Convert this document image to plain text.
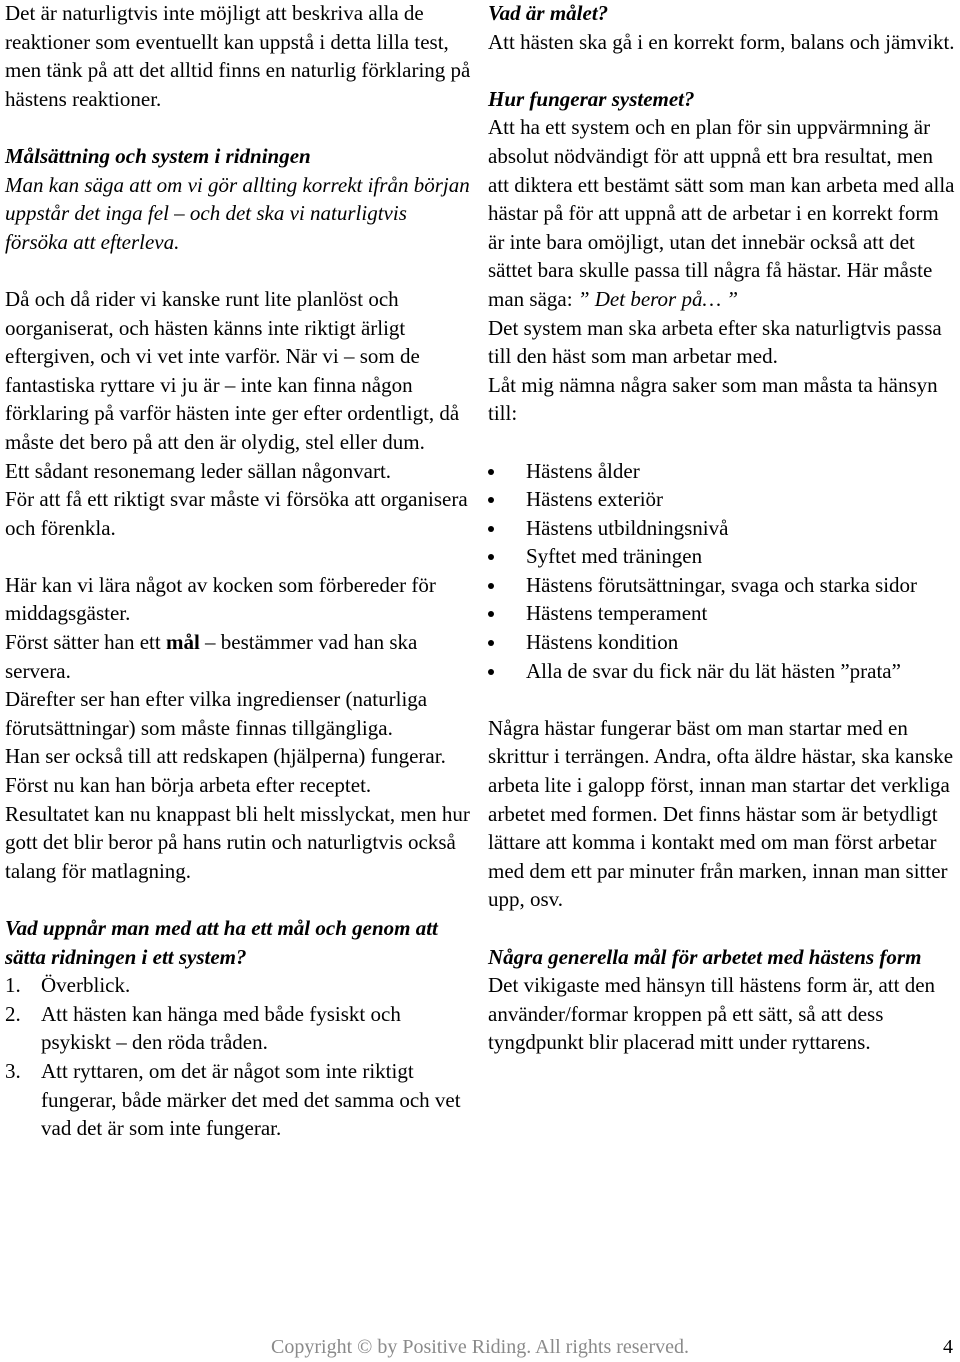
Det är naturligtvis inte möjligt att beskriva alla de reaktioner som eventuellt kan uppstå i detta lilla test, men tänk på att det alltid finns en naturlig förklaring på hästens reaktioner.

Målsättning och system i ridningen

Man kan säga att om vi gör allting korrekt ifrån början uppstår det inga fel – och det ska vi naturligtvis försöka att efterleva.

Då och då rider vi kanske runt lite planlöst och oorganiserat, och hästen känns inte riktigt ärligt eftergiven, och vi vet inte varför. När vi – som de fantastiska ryttare vi ju är – inte kan finna någon förklaring på varför hästen inte ger efter ordentligt, då måste det bero på att den är olydig, stel eller dum.

Ett sådant resonemang leder sällan någonvart.

För att få ett riktigt svar måste vi försöka att organisera och förenkla.

Här kan vi lära något av kocken som förbereder för middagsgäster.

Först sätter han ett mål – bestämmer vad han ska servera.

Därefter ser han efter vilka ingredienser (naturliga förutsättningar) som måste finnas tillgängliga.

Han ser också till att redskapen (hjälperna) fungerar. Först nu kan han börja arbeta efter receptet.

Resultatet kan nu knappast bli helt misslyckat, men hur gott det blir beror på hans rutin och naturligtvis också talang för matlagning.

Vad uppnår man med att ha ett mål och genom att sätta ridningen i ett system?

1. Överblick.
2. Att hästen kan hänga med både fysiskt och psykiskt – den röda tråden.
3. Att ryttaren, om det är något som inte riktigt fungerar, både märker det med det samma och vet vad det är som inte fungerar.

Vad är målet?

Att hästen ska gå i en korrekt form, balans och jämvikt.

Hur fungerar systemet?

Att ha ett system och en plan för sin uppvärmning är absolut nödvändigt för att uppnå ett bra resultat, men att diktera ett bestämt sätt som man kan arbeta med alla hästar på för att uppnå att de arbetar i en korrekt form är inte bara omöjligt, utan det innebär också att det sättet bara skulle passa till några få hästar. Här måste man säga: ” Det beror på… ”

Det system man ska arbeta efter ska naturligtvis passa till den häst som man arbetar med.

Låt mig nämna några saker som man måsta ta hänsyn till:

Hästens ålder
Hästens exteriör
Hästens utbildningsnivå
Syftet med träningen
Hästens förutsättningar, svaga och starka sidor
Hästens temperament
Hästens kondition
Alla de svar du fick när du lät hästen ”prata”

Några hästar fungerar bäst om man startar med en skrittur i terrängen. Andra, ofta äldre hästar, ska kanske arbeta lite i galopp först, innan man startar det verkliga arbetet med formen. Det finns hästar som är betydligt lättare att komma i kontakt med om man först arbetar med dem ett par minuter från marken, innan man sitter upp, osv.

Några generella mål för arbetet med hästens form

Det vikigaste med hänsyn till hästens form är, att den använder/formar kroppen på ett sätt, så att dess tyngdpunkt blir placerad mitt under ryttarens.

Copyright © by Positive Riding. All rights reserved.	4
